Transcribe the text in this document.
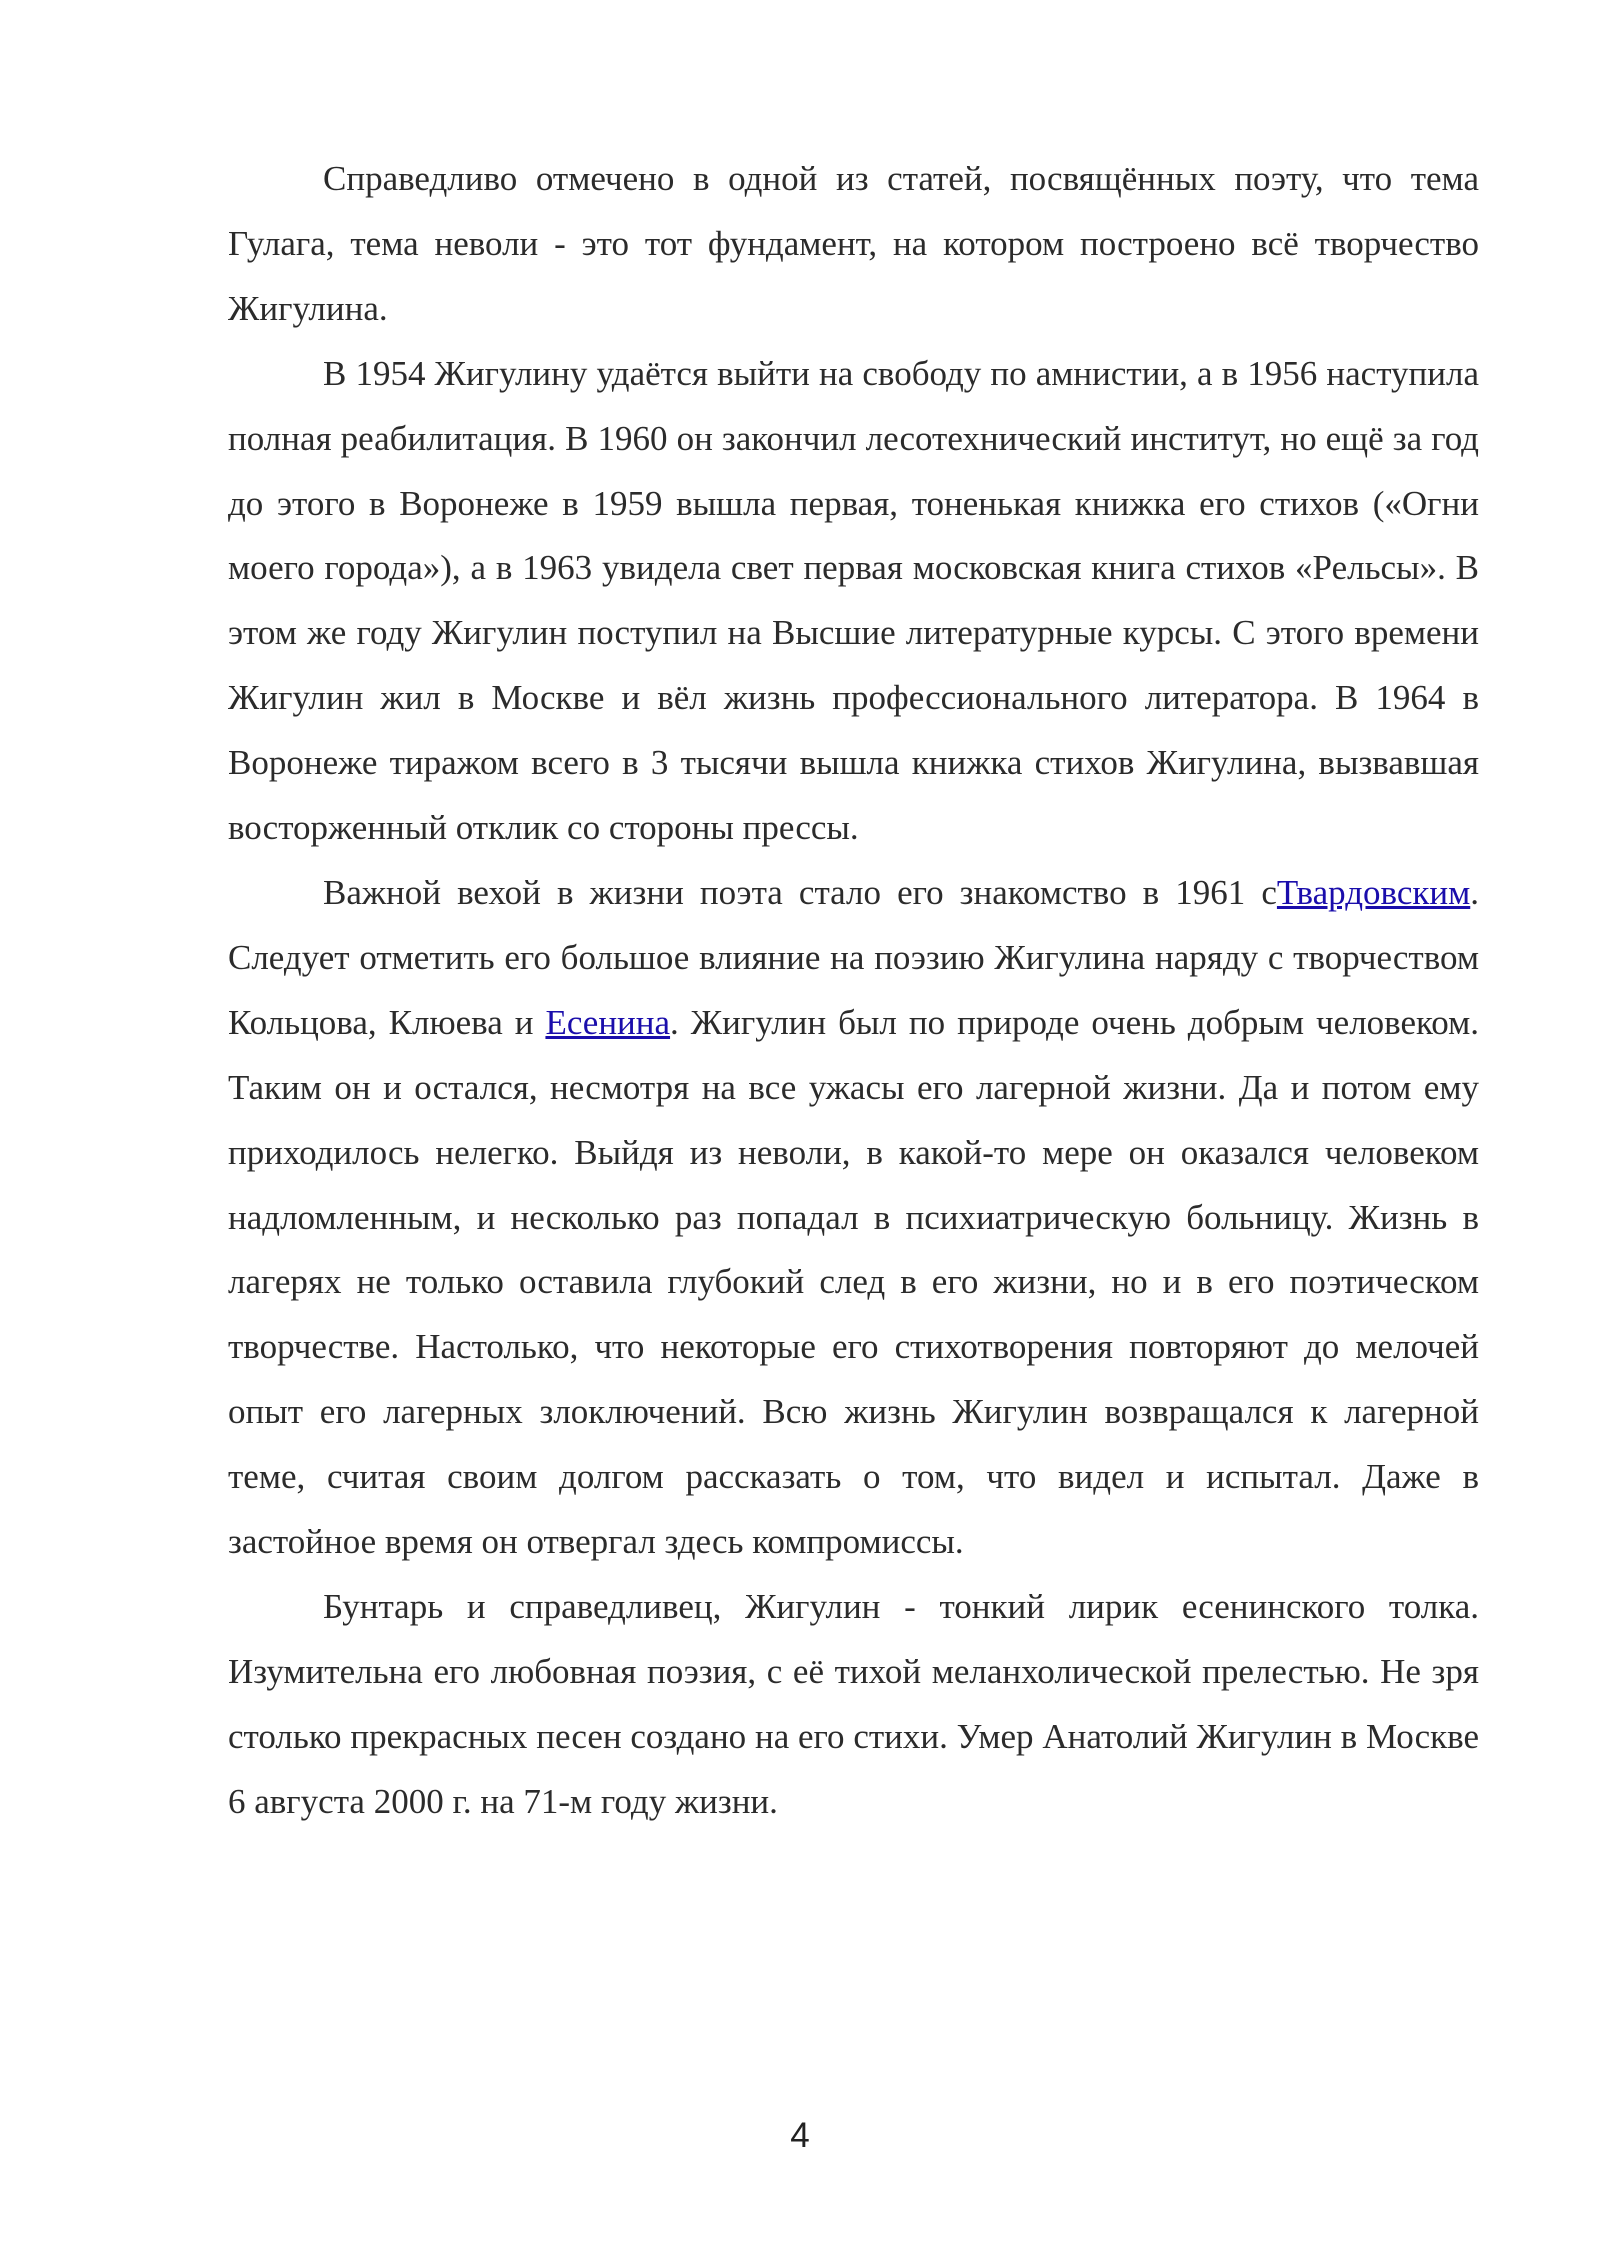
Справедливо отмечено в одной из статей, посвящённых поэту, что тема Гулага, тема неволи - это тот фундамент, на котором построено всё творчество Жигулина.

В 1954 Жигулину удаётся выйти на свободу по амнистии, а в 1956 наступила полная реабилитация. В 1960 он закончил лесотехнический институт, но ещё за год до этого в Воронеже в 1959 вышла первая, тоненькая книжка его стихов («Огни моего города»), а в 1963 увидела свет первая московская книга стихов «Рельсы». В этом же году Жигулин поступил на Высшие литературные курсы. С этого времени Жигулин жил в Москве и вёл жизнь профессионального литератора. В 1964 в Воронеже тиражом всего в 3 тысячи вышла книжка стихов Жигулина, вызвавшая восторженный отклик со стороны прессы.

Важной вехой в жизни поэта стало его знакомство в 1961 сТвардовским. Следует отметить его большое влияние на поэзию Жигулина наряду с творчеством Кольцова, Клюева и Есенина. Жигулин был по природе очень добрым человеком. Таким он и остался, несмотря на все ужасы его лагерной жизни. Да и потом ему приходилось нелегко. Выйдя из неволи, в какой-то мере он оказался человеком надломленным, и несколько раз попадал в психиатрическую больницу. Жизнь в лагерях не только оставила глубокий след в его жизни, но и в его поэтическом творчестве. Настолько, что некоторые его стихотворения повторяют до мелочей опыт его лагерных злоключений. Всю жизнь Жигулин возвращался к лагерной теме, считая своим долгом рассказать о том, что видел и испытал. Даже в застойное время он отвергал здесь компромиссы.

Бунтарь и справедливец, Жигулин - тонкий лирик есенинского толка. Изумительна его любовная поэзия, с её тихой меланхолической прелестью. Не зря столько прекрасных песен создано на его стихи. Умер Анатолий Жигулин в Москве 6 августа 2000 г. на 71-м году жизни.

4
